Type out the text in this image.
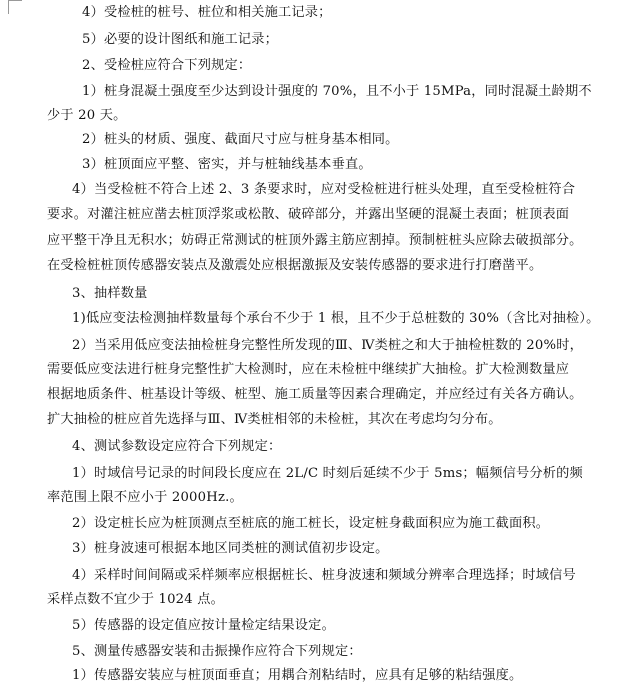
4）受检桩的桩号、桩位和相关施工记录；
5）必要的设计图纸和施工记录；
2、受检桩应符合下列规定：
1）桩身混凝土强度至少达到设计强度的 70%，且不小于 15MPa，同时混凝土龄期不
少于 20 天。
2）桩头的材质、强度、截面尺寸应与桩身基本相同。
3）桩顶面应平整、密实，并与桩轴线基本垂直。
4）当受检桩不符合上述 2、3 条要求时，应对受检桩进行桩头处理，直至受检桩符合
要求。对灌注桩应凿去桩顶浮浆或松散、破碎部分，并露出坚硬的混凝土表面；桩顶表面
应平整干净且无积水；妨碍正常测试的桩顶外露主筋应割掉。预制桩桩头应除去破损部分。
在受检桩桩顶传感器安装点及激震处应根据激振及安装传感器的要求进行打磨凿平。
3、抽样数量
1)低应变法检测抽样数量每个承台不少于 1 根，且不少于总桩数的 30%（含比对抽检）。
2）当采用低应变法抽检桩身完整性所发现的Ⅲ、Ⅳ类桩之和大于抽检桩数的 20%时，
需要低应变法进行桩身完整性扩大检测时，应在未检桩中继续扩大抽检。扩大检测数量应
根据地质条件、桩基设计等级、桩型、施工质量等因素合理确定，并应经过有关各方确认。
扩大抽检的桩应首先选择与Ⅲ、Ⅳ类桩相邻的未检桩，其次在考虑均匀分布。
4、测试参数设定应符合下列规定：
1）时域信号记录的时间段长度应在 2L/C 时刻后延续不少于 5ms；幅频信号分析的频
率范围上限不应小于 2000Hz.。
2）设定桩长应为桩顶测点至桩底的施工桩长，设定桩身截面积应为施工截面积。
3）桩身波速可根据本地区同类桩的测试值初步设定。
4）采样时间间隔或采样频率应根据桩长、桩身波速和频域分辨率合理选择；时域信号
采样点数不宜少于 1024 点。
5）传感器的设定值应按计量检定结果设定。
5、测量传感器安装和击振操作应符合下列规定：
1）传感器安装应与桩顶面垂直；用耦合剂粘结时，应具有足够的粘结强度。
